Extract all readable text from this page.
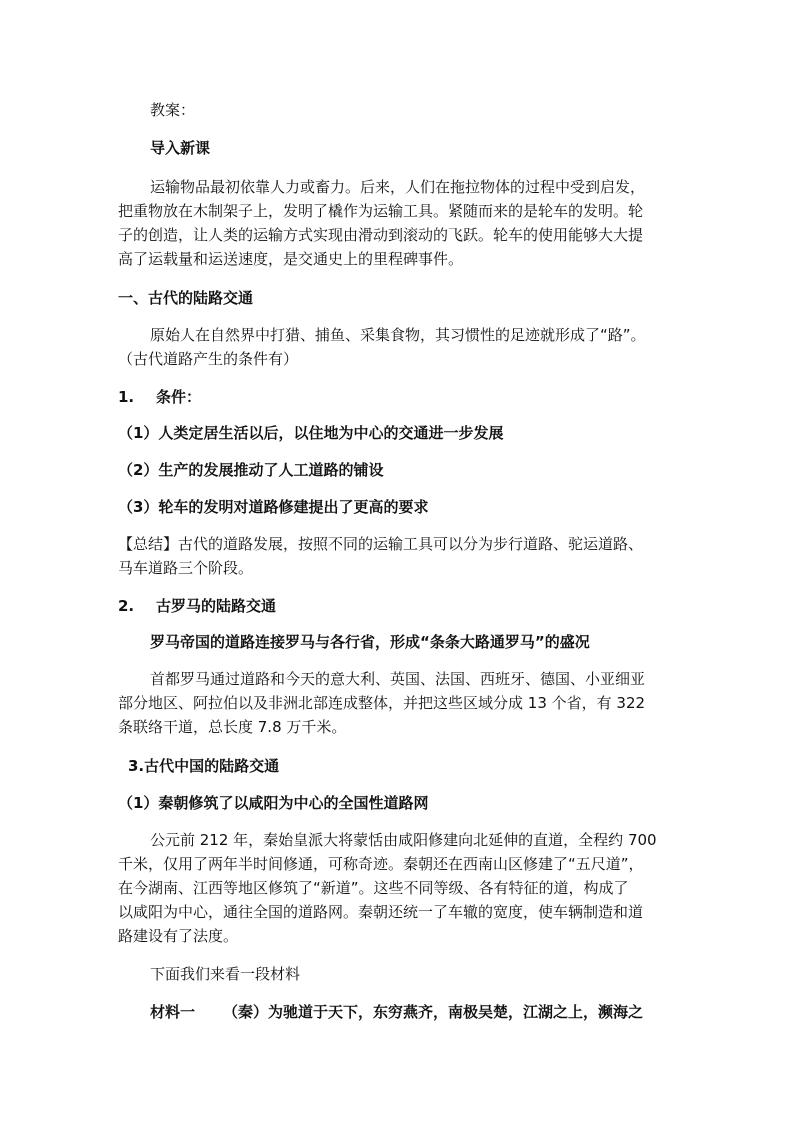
教案：
导入新课
运输物品最初依靠人力或畜力。后来，人们在拖拉物体的过程中受到启发，
把重物放在木制架子上，发明了橇作为运输工具。紧随而来的是轮车的发明。轮
子的创造，让人类的运输方式实现由滑动到滚动的飞跃。轮车的使用能够大大提
高了运载量和运送速度，是交通史上的里程碑事件。
一、古代的陆路交通
原始人在自然界中打猎、捕鱼、采集食物，其习惯性的足迹就形成了“路”。
（古代道路产生的条件有）
1. 条件：
（1）人类定居生活以后，以住地为中心的交通进一步发展
（2）生产的发展推动了人工道路的铺设
（3）轮车的发明对道路修建提出了更高的要求
【总结】古代的道路发展，按照不同的运输工具可以分为步行道路、驼运道路、
马车道路三个阶段。
2. 古罗马的陆路交通
罗马帝国的道路连接罗马与各行省，形成“条条大路通罗马”的盛况
首都罗马通过道路和今天的意大利、英国、法国、西班牙、德国、小亚细亚
部分地区、阿拉伯以及非洲北部连成整体，并把这些区域分成 13 个省，有 322
条联络干道，总长度 7.8 万千米。
3.古代中国的陆路交通
（1）秦朝修筑了以咸阳为中心的全国性道路网
公元前 212 年，秦始皇派大将蒙恬由咸阳修建向北延伸的直道，全程约 700
千米，仅用了两年半时间修通，可称奇迹。秦朝还在西南山区修建了“五尺道”，
在今湖南、江西等地区修筑了“新道”。这些不同等级、各有特征的道，构成了
以咸阳为中心，通往全国的道路网。秦朝还统一了车辙的宽度，使车辆制造和道
路建设有了法度。
下面我们来看一段材料
材料一 （秦）为驰道于天下，东穷燕齐，南极吴楚，江湖之上，濒海之
